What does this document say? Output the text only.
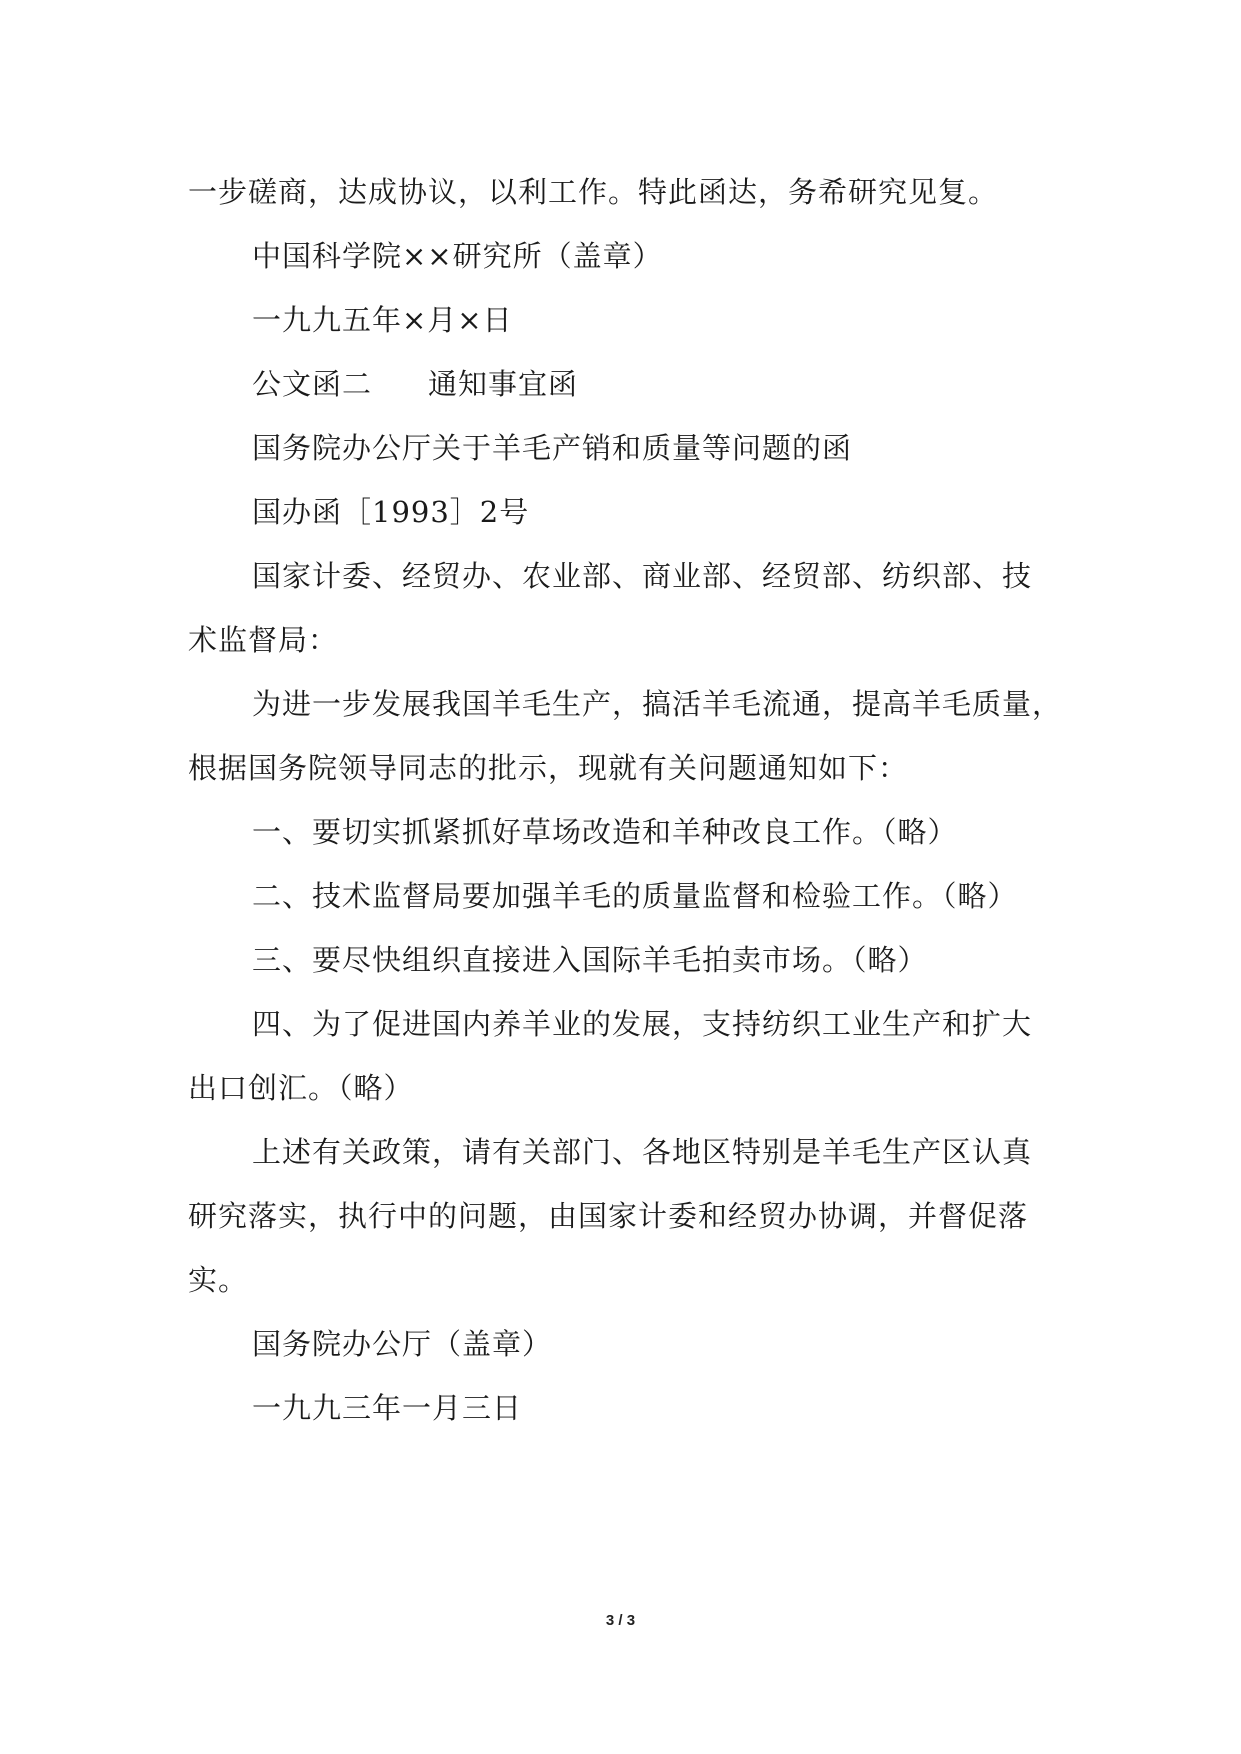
一步磋商，达成协议，以利工作。特此函达，务希研究见复。
中国科学院××研究所（盖章）
一九九五年×月×日
公文函二 通知事宜函
国务院办公厅关于羊毛产销和质量等问题的函
国办函［1993］2号
国家计委、经贸办、农业部、商业部、经贸部、纺织部、技
术监督局：
为进一步发展我国羊毛生产，搞活羊毛流通，提高羊毛质量，
根据国务院领导同志的批示，现就有关问题通知如下：
一、要切实抓紧抓好草场改造和羊种改良工作。（略）
二、技术监督局要加强羊毛的质量监督和检验工作。（略）
三、要尽快组织直接进入国际羊毛拍卖市场。（略）
四、为了促进国内养羊业的发展，支持纺织工业生产和扩大
出口创汇。（略）
上述有关政策，请有关部门、各地区特别是羊毛生产区认真
研究落实，执行中的问题，由国家计委和经贸办协调，并督促落
实。
国务院办公厅（盖章）
一九九三年一月三日
3 / 3
